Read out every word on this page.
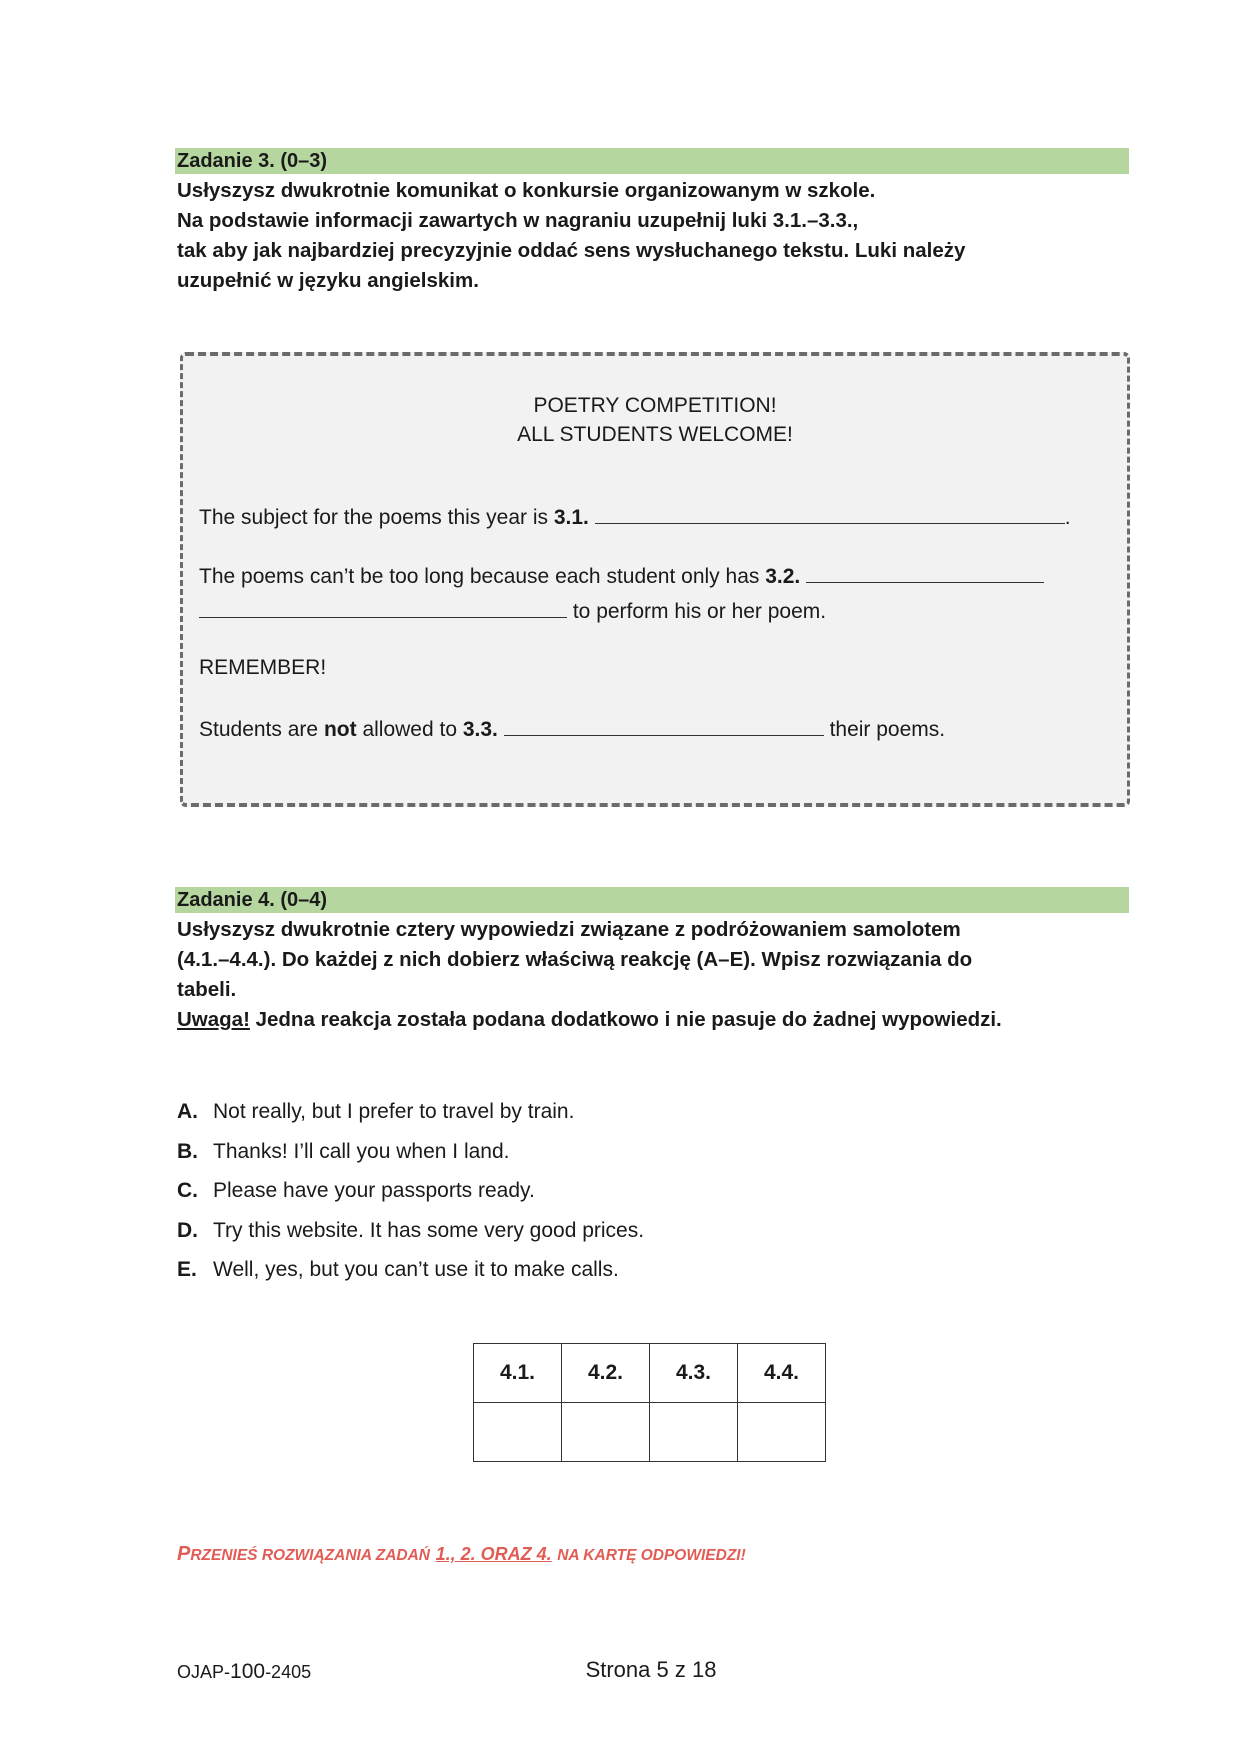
Zadanie 3. (0–3)

Usłyszysz dwukrotnie komunikat o konkursie organizowanym w szkole.

Na podstawie informacji zawartych w nagraniu uzupełnij luki 3.1.–3.3.,

tak aby jak najbardziej precyzyjnie oddać sens wysłuchanego tekstu. Luki należy

uzupełnić w języku angielskim.

POETRY COMPETITION!
ALL STUDENTS WELCOME!
The subject for the poems this year is 3.1.	.
The poems can’t be too long because each student only has 3.2.
to perform his or her poem.
REMEMBER!
Students are not allowed to 3.3.	their poems.
Zadanie 4. (0–4)

Usłyszysz dwukrotnie cztery wypowiedzi związane z podróżowaniem samolotem

(4.1.–4.4.). Do każdej z nich dobierz właściwą reakcję (A–E). Wpisz rozwiązania do

tabeli.

Uwaga! Jedna reakcja została podana dodatkowo i nie pasuje do żadnej wypowiedzi.

A. Not really, but I prefer to travel by train.
B. Thanks! I’ll call you when I land.
C. Please have your passports ready.
D. Try this website. It has some very good prices.
E. Well, yes, but you can’t use it to make calls.
4.1.	4.2.	4.3.	4.4.

PRZENIEŚ ROZWIĄZANIA ZADAŃ 1., 2. ORAZ 4. NA KARTĘ ODPOWIEDZI!
OJAP-100-2405	Strona 5 z 18
